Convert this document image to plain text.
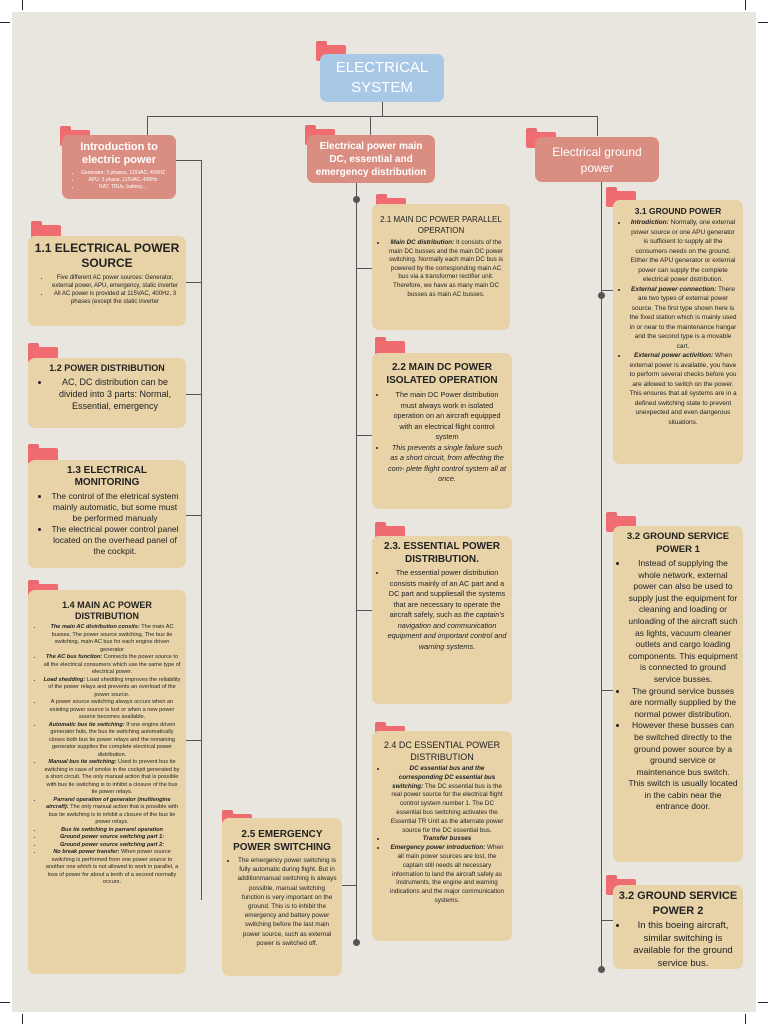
ELECTRICAL SYSTEM
Introduction to electric power
• Generator: 3 phases, 115VAC, 400HZ
• APU: 3 phase, 115VAC, 400Hz
• RAT, TRUs, battery,...
Electrical power main DC, essential and emergency distribution
Electrical ground power
1.1 ELECTRICAL POWER SOURCE
• Five different AC power sources: Generator, external power, APU, emergency, static inverter
• All AC power is provided at 115VAC, 400Hz, 3 phases (except the static inverter
1.2 POWER DISTRIBUTION
• AC, DC distribution can be divided into 3 parts: Normal, Essential, emergency
1.3 ELECTRICAL MONITORING
• The control of the eletrical system mainly automatic, but some must be performed manualy
• The electrical power control panel located on the overhead panel of the cockpit.
1.4 MAIN AC POWER DISTRIBUTION
• The main AC distribution consits: The main AC busses, The power source switching, The bus tie switching, main AC bus for each engine driven generator
• The AC bus function: Connects the power source to all the electrical consumers which use the same type of electrical power.
• Load shedding: Load shedding improves the reliability of the power relays and prevents an overload of the power source.
• A power source switching always occurs when an existing power source is lost or when a new power source becomes available.
• Automatic bus tie switching: If one engine driven generator fails, the bus tie switching automatically closes both bus tie power relays and the remaining generator supplies the complete electrical power distribution.
• Manual bus tie switching: Used to prevent bus tie switching in case of smoke in the cockpit generated by a short circuit. The only manual action that is possible with bus tie switching is to inhibit a closure of the bus tie power relays.
• Parrarel operation of generator (multiengine aircraft): The only manual action that is possible with bus tie switching is to inhibit a closure of the bus tie power relays.
• Bus tie switching in parrarel operation
• Ground power source switching part 1:
• Ground power source switching part 2:
• No break power transfer: When power source switching is performed from one power source to another one which is not allowed to work in parallel, a loss of power for about a tenth of a second normally occurs.
2.1 MAIN DC POWER PARALLEL OPERATION
• Main DC distribution: It consists of the main DC busses and the main DC power switching. Normally each main DC bus is powered by the corresponding main AC bus via a transformer rectifier unit. Therefore, we have as many main DC busses as main AC busses.
2.2 MAIN DC POWER ISOLATED OPERATION
• The main DC Power distribution must always work in isolated operation on an aircraft equipped with an electrical flight control system
• This prevents a single failure such as a short circuit, from affecting the com- plete flight control system all at once.
2.3. ESSENTIAL POWER DISTRIBUTION.
• The essential power distribution consists mainly of an AC part and a DC part and suppliesall the systems that are necessary to operate the aircraft safely, such as the captain's navigation and communication equipment and important control and warning systems.
2.4 DC ESSENTIAL POWER DISTRIBUTION
• DC essential bus and the corresponding DC essential bus switching: The DC essential bus is the real power source for the electrical flight control system number 1. The DC essential bus switching activates the Essential TR Unit as the alternate power source for the DC essential bus.
• Transfer busses
• Emergency power introduction: When all main power sources are lost, the captain still needs all necessary information to land the aircraft safely as instruments, the engine and warning indications and the major communication systems.
2.5 EMERGENCY POWER SWITCHING
• The emergency power switching is fully automatic during flight. But in additionmanual switching is always possible, manual switching function is very important on the ground. This is to inhibit the emergency and battery power switching before the last main power source, such as external power is switched off.
3.1 GROUND POWER
• Introdiction: Normally, one external power source or one APU generator is sufficient to supply all the consumers needs on the ground. Either the APU generator or external power can supply the complete electrical power distribution.
• External power connection: There are two types of external power source. The first type shown here is the fixed station which is mainly used in or near to the maintenance hangar and the second type is a movable cart.
• External power activition: When external power is available, you have to perform several checks before you are allowed to switch on the power. This ensures that all systems are in a defined switching state to prevent unexpected and even dangerous situations.
3.2 GROUND SERVICE POWER 1
• Instead of supplying the whole network, external power can also be used to supply just the equipment for cleaning and loading or unloading of the aircraft such as lights, vacuum cleaner outlets and cargo loading components. This equipment is connected to ground service busses.
• The ground service busses are normally supplied by the normal power distribution.
• However these busses can be switched directly to the ground power source by a ground service or maintenance bus switch. This switch is usually located in the cabin near the entrance door.
3.2 GROUND SERVICE POWER 2
• In this boeing aircraft, similar switching is available for the ground service bus.
